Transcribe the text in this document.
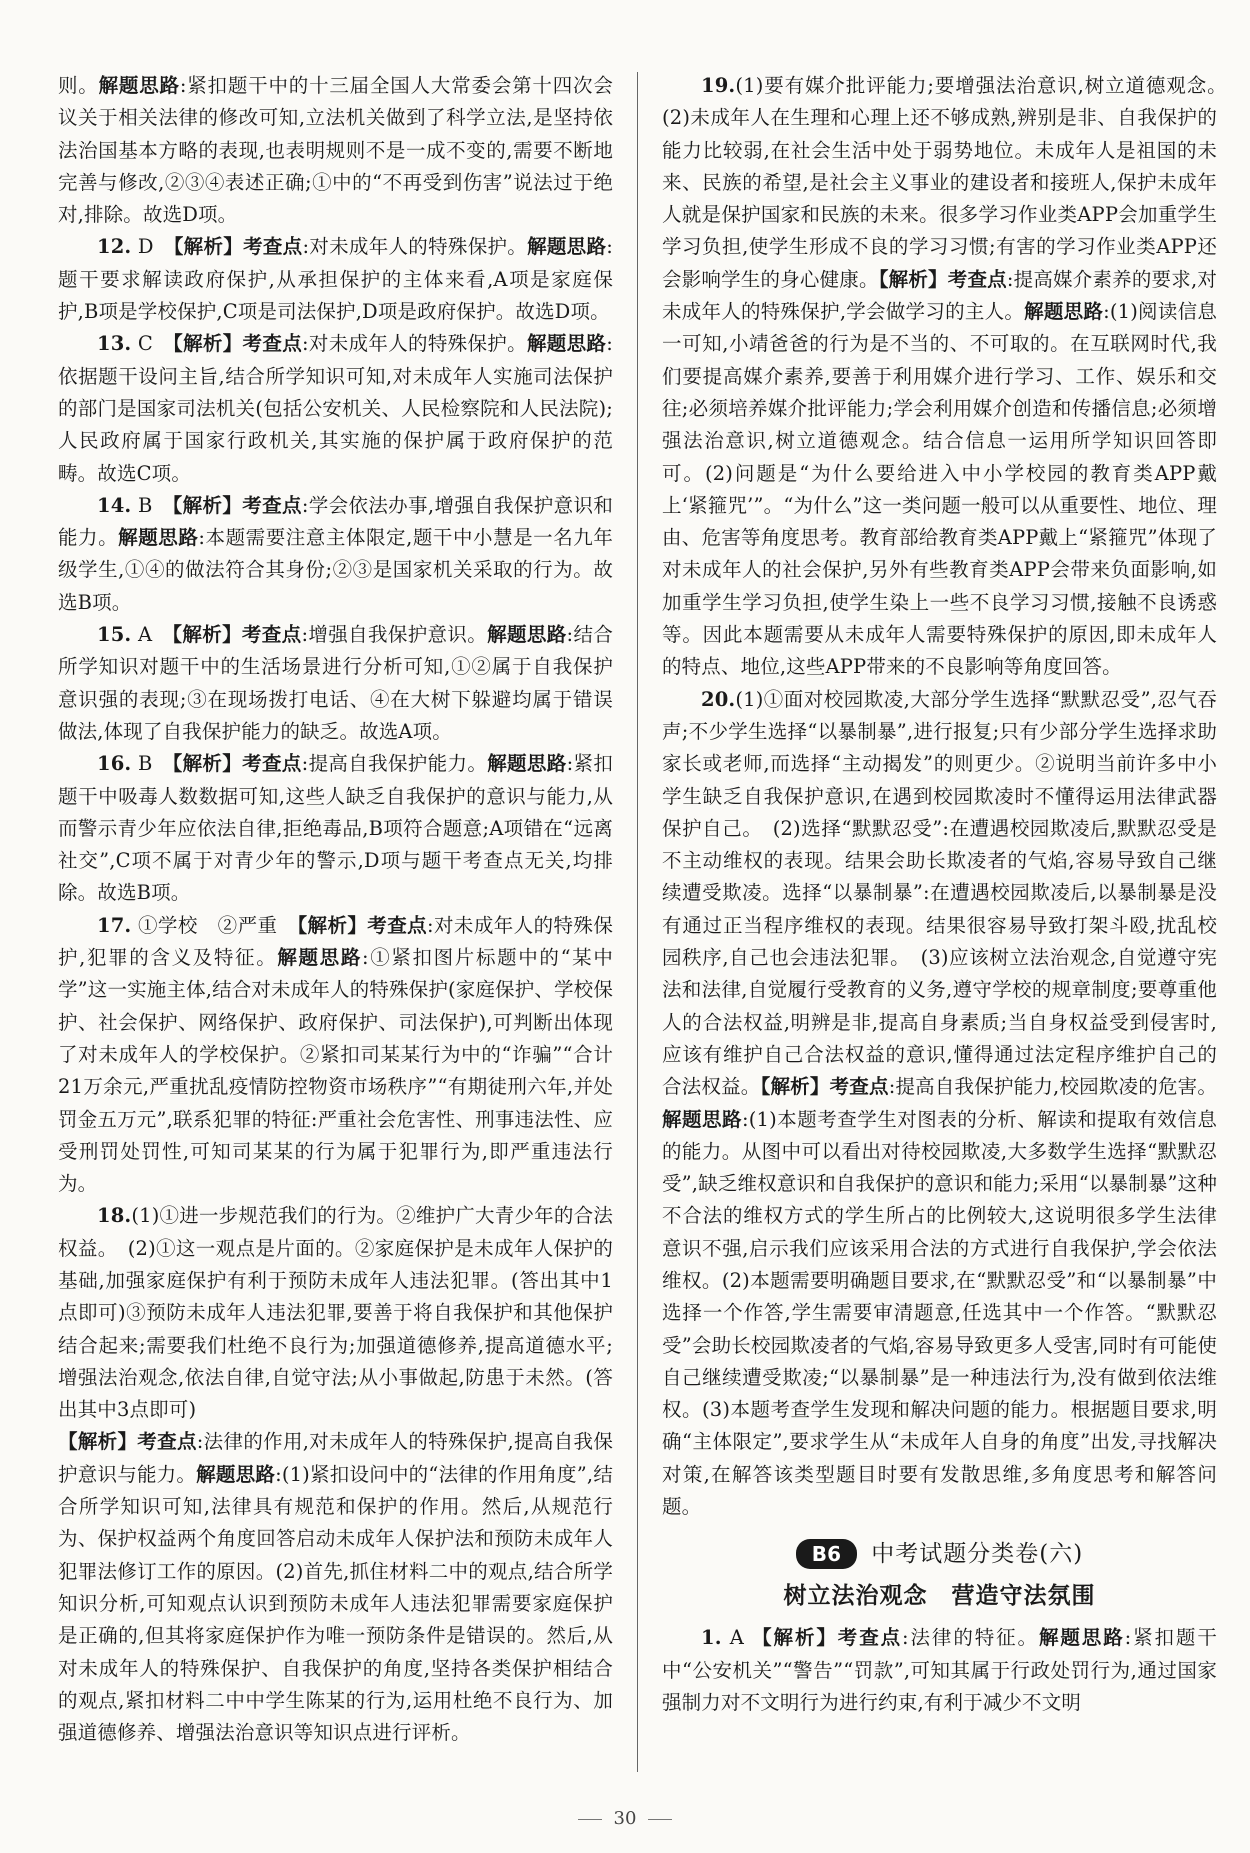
则。解题思路:紧扣题干中的十三届全国人大常委会第十四次会议关于相关法律的修改可知,立法机关做到了科学立法,是坚持依法治国基本方略的表现,也表明规则不是一成不变的,需要不断地完善与修改,②③④表述正确;①中的“不再受到伤害”说法过于绝对,排除。故选D项。

12. D　 【解析】考查点:对未成年人的特殊保护。解题思路:题干要求解读政府保护,从承担保护的主体来看,A项是家庭保护,B项是学校保护,C项是司法保护,D项是政府保护。故选D项。

13. C　 【解析】考查点:对未成年人的特殊保护。解题思路:依据题干设问主旨,结合所学知识可知,对未成年人实施司法保护的部门是国家司法机关(包括公安机关、人民检察院和人民法院);人民政府属于国家行政机关,其实施的保护属于政府保护的范畴。故选C项。

14. B　 【解析】考查点:学会依法办事,增强自我保护意识和能力。解题思路:本题需要注意主体限定,题干中小慧是一名九年级学生,①④的做法符合其身份;②③是国家机关采取的行为。故选B项。

15. A　 【解析】考查点:增强自我保护意识。解题思路:结合所学知识对题干中的生活场景进行分析可知,①②属于自我保护意识强的表现;③在现场拨打电话、④在大树下躲避均属于错误做法,体现了自我保护能力的缺乏。故选A项。

16. B　 【解析】考查点:提高自我保护能力。解题思路:紧扣题干中吸毒人数数据可知,这些人缺乏自我保护的意识与能力,从而警示青少年应依法自律,拒绝毒品,B项符合题意;A项错在“远离社交”,C项不属于对青少年的警示,D项与题干考查点无关,均排除。故选B项。

17. ①学校　②严重　 【解析】考查点:对未成年人的特殊保护,犯罪的含义及特征。解题思路:①紧扣图片标题中的“某中学”这一实施主体,结合对未成年人的特殊保护(家庭保护、学校保护、社会保护、网络保护、政府保护、司法保护),可判断出体现了对未成年人的学校保护。②紧扣司某某行为中的“诈骗”“合计21万余元,严重扰乱疫情防控物资市场秩序”“有期徒刑六年,并处罚金五万元”,联系犯罪的特征:严重社会危害性、刑事违法性、应受刑罚处罚性,可知司某某的行为属于犯罪行为,即严重违法行为。

18.(1)①进一步规范我们的行为。②维护广大青少年的合法权益。　(2)①这一观点是片面的。②家庭保护是未成年人保护的基础,加强家庭保护有利于预防未成年人违法犯罪。(答出其中1点即可)③预防未成年人违法犯罪,要善于将自我保护和其他保护结合起来;需要我们杜绝不良行为;加强道德修养,提高道德水平;增强法治观念,依法自律,自觉守法;从小事做起,防患于未然。(答出其中3点即可)

【解析】考查点:法律的作用,对未成年人的特殊保护,提高自我保护意识与能力。解题思路:(1)紧扣设问中的“法律的作用角度”,结合所学知识可知,法律具有规范和保护的作用。然后,从规范行为、保护权益两个角度回答启动未成年人保护法和预防未成年人犯罪法修订工作的原因。(2)首先,抓住材料二中的观点,结合所学知识分析,可知观点认识到预防未成年人违法犯罪需要家庭保护是正确的,但其将家庭保护作为唯一预防条件是错误的。然后,从对未成年人的特殊保护、自我保护的角度,坚持各类保护相结合的观点,紧扣材料二中中学生陈某的行为,运用杜绝不良行为、加强道德修养、增强法治意识等知识点进行评析。

19.(1)要有媒介批评能力;要增强法治意识,树立道德观念。　(2)未成年人在生理和心理上还不够成熟,辨别是非、自我保护的能力比较弱,在社会生活中处于弱势地位。未成年人是祖国的未来、民族的希望,是社会主义事业的建设者和接班人,保护未成年人就是保护国家和民族的未来。很多学习作业类APP会加重学生学习负担,使学生形成不良的学习习惯;有害的学习作业类APP还会影响学生的身心健康。【解析】考查点:提高媒介素养的要求,对未成年人的特殊保护,学会做学习的主人。解题思路:(1)阅读信息一可知,小靖爸爸的行为是不当的、不可取的。在互联网时代,我们要提高媒介素养,要善于利用媒介进行学习、工作、娱乐和交往;必须培养媒介批评能力;学会利用媒介创造和传播信息;必须增强法治意识,树立道德观念。结合信息一运用所学知识回答即可。(2)问题是“为什么要给进入中小学校园的教育类APP戴上‘紧箍咒’”。“为什么”这一类问题一般可以从重要性、地位、理由、危害等角度思考。教育部给教育类APP戴上“紧箍咒”体现了对未成年人的社会保护,另外有些教育类APP会带来负面影响,如加重学生学习负担,使学生染上一些不良学习习惯,接触不良诱惑等。因此本题需要从未成年人需要特殊保护的原因,即未成年人的特点、地位,这些APP带来的不良影响等角度回答。

20.(1)①面对校园欺凌,大部分学生选择“默默忍受”,忍气吞声;不少学生选择“以暴制暴”,进行报复;只有少部分学生选择求助家长或老师,而选择“主动揭发”的则更少。②说明当前许多中小学生缺乏自我保护意识,在遇到校园欺凌时不懂得运用法律武器保护自己。　(2)选择“默默忍受”:在遭遇校园欺凌后,默默忍受是不主动维权的表现。结果会助长欺凌者的气焰,容易导致自己继续遭受欺凌。选择“以暴制暴”:在遭遇校园欺凌后,以暴制暴是没有通过正当程序维权的表现。结果很容易导致打架斗殴,扰乱校园秩序,自己也会违法犯罪。　(3)应该树立法治观念,自觉遵守宪法和法律,自觉履行受教育的义务,遵守学校的规章制度;要尊重他人的合法权益,明辨是非,提高自身素质;当自身权益受到侵害时,应该有维护自己合法权益的意识,懂得通过法定程序维护自己的合法权益。【解析】考查点:提高自我保护能力,校园欺凌的危害。解题思路:(1)本题考查学生对图表的分析、解读和提取有效信息的能力。从图中可以看出对待校园欺凌,大多数学生选择“默默忍受”,缺乏维权意识和自我保护的意识和能力;采用“以暴制暴”这种不合法的维权方式的学生所占的比例较大,这说明很多学生法律意识不强,启示我们应该采用合法的方式进行自我保护,学会依法维权。(2)本题需要明确题目要求,在“默默忍受”和“以暴制暴”中选择一个作答,学生需要审清题意,任选其中一个作答。“默默忍受”会助长校园欺凌者的气焰,容易导致更多人受害,同时有可能使自己继续遭受欺凌;“以暴制暴”是一种违法行为,没有做到依法维权。(3)本题考查学生发现和解决问题的能力。根据题目要求,明确“主体限定”,要求学生从“未成年人自身的角度”出发,寻找解决对策,在解答该类型题目时要有发散思维,多角度思考和解答问题。

B6 中考试题分类卷(六)
树立法治观念　营造守法氛围

1. A 【解析】考查点:法律的特征。解题思路:紧扣题干中“公安机关”“警告”“罚款”,可知其属于行政处罚行为,通过国家强制力对不文明行为进行约束,有利于减少不文明

30
